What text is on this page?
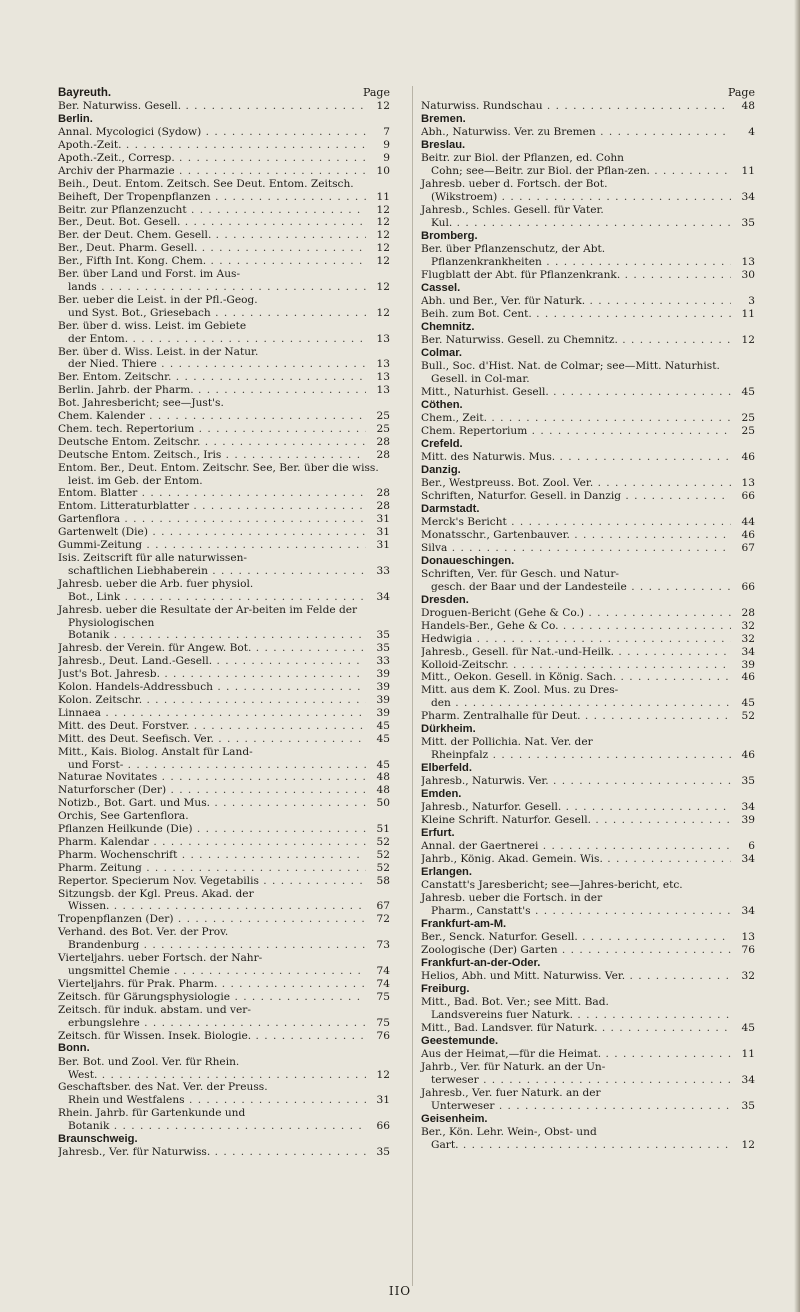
Bayreuth.	Page
Ber. Naturwiss. Gesell. . . .	12
Berlin.
Annal. Mycologici (Sydow) . . .	7
Apoth.-Zeit. . . .	9
Apoth.-Zeit., Corresp. . . .	9
Archiv der Pharmazie . . .	10
Beih., Deut. Entom. Zeitsch. See Deut. Entom. Zeitsch.
Beiheft, Der Tropenpflanzen . . .	11
Beitr. zur Pflanzenzucht . . .	12
Ber., Deut. Bot. Gesell. . . .	12
Ber. der Deut. Chem. Gesell. . . .	12
Ber., Deut. Pharm. Gesell. . . .	12
Ber., Fifth Int. Kong. Chem. . . .	12
Ber. über Land und Forst. im Aus-
lands . . .	12
Ber. ueber die Leist. in der Pfl.-Geog.
und Syst. Bot., Griesebach . . .	12
Ber. über d. wiss. Leist. im Gebiete
der Entom. . . .	13
Ber. über d. Wiss. Leist. in der Natur.
der Nied. Thiere . . .	13
Ber. Entom. Zeitschr. . . .	13
Berlin. Jahrb. der Pharm. . . .	13
Bot. Jahresbericht; see—Just's.
Chem. Kalender . . .	25
Chem. tech. Repertorium . . .	25
Deutsche Entom. Zeitschr. . . .	28
Deutsche Entom. Zeitsch., Iris . . .	28
Entom. Ber., Deut. Entom. Zeitschr. See, Ber. über die wiss. leist. im Geb. der Entom.
Entom. Blatter . . .	28
Entom. Litteraturblatter . . .	28
Gartenflora . . .	31
Gartenwelt (Die) . . .	31
Gummi-Zeitung . . .	31
Isis. Zeitscrift für alle naturwissen-
schaftlichen Liebhaberein . . .	33
Jahresb. ueber die Arb. fuer physiol.
Bot., Link . . .	34
Jahresb. ueber die Resultate der Ar-beiten im Felde der Physiologischen
Botanik . . .	35
Jahresb. der Verein. für Angew. Bot. . . .	35
Jahresb., Deut. Land.-Gesell. . . .	33
Just's Bot. Jahresb. . . .	39
Kolon. Handels-Addressbuch . . .	39
Kolon. Zeitschr. . . .	39
Linnaea . . .	39
Mitt. des Deut. Forstver. . . .	45
Mitt. des Deut. Seefisch. Ver. . . .	45
Mitt., Kais. Biolog. Anstalt für Land-
und Forst- . . .	45
Naturae Novitates . . .	48
Naturforscher (Der) . . .	48
Notizb., Bot. Gart. und Mus. . . .	50
Orchis, See Gartenflora.
Pflanzen Heilkunde (Die) . . .	51
Pharm. Kalendar . . .	52
Pharm. Wochenschrift . . .	52
Pharm. Zeitung . . .	52
Repertor. Specierum Nov. Vegetabilis . . .	58
Sitzungsb. der Kgl. Preus. Akad. der
Wissen. . . .	67
Tropenpflanzen (Der) . . .	72
Verhand. des Bot. Ver. der Prov.
Brandenburg . . .	73
Vierteljahrs. ueber Fortsch. der Nahr-
ungsmittel Chemie . . .	74
Vierteljahrs. für Prak. Pharm. . . .	74
Zeitsch. für Gärungsphysiologie . . .	75
Zeitsch. für induk. abstam. und ver-
erbungslehre . . .	75
Zeitsch. für Wissen. Insek. Biologie. . . .	76
Bonn.
Ber. Bot. und Zool. Ver. für Rhein.
West. . . .	12
Geschaftsber. des Nat. Ver. der Preuss.
Rhein und Westfalens . . .	31
Rhein. Jahrb. für Gartenkunde und
Botanik . . .	66
Braunschweig.
Jahresb., Ver. für Naturwiss. . . .	35
Page
Naturwiss. Rundschau . . .	48
Bremen.
Abh., Naturwiss. Ver. zu Bremen . . .	4
Breslau.
Beitr. zur Biol. der Pflanzen, ed. Cohn
Cohn; see—Beitr. zur Biol. der Pflan-zen. . . .	11
Jahresb. ueber d. Fortsch. der Bot.
(Wikstroem) . . .	34
Jahresb., Schles. Gesell. für Vater.
Kul. . . .	35
Bromberg.
Ber. über Pflanzenschutz, der Abt.
Pflanzenkrankheiten . . .	13
Flugblatt der Abt. für Pflanzenkrank. . . .	30
Cassel.
Abh. und Ber., Ver. für Naturk. . . .	3
Beih. zum Bot. Cent. . . .	11
Chemnitz.
Ber. Naturwiss. Gesell. zu Chemnitz. . . .	12
Colmar.
Bull., Soc. d'Hist. Nat. de Colmar; see—Mitt. Naturhist. Gesell. in Col-mar.
Mitt., Naturhist. Gesell. . . .	45
Cöthen.
Chem., Zeit. . . .	25
Chem. Repertorium . . .	25
Crefeld.
Mitt. des Naturwis. Mus. . . .	46
Danzig.
Ber., Westpreuss. Bot. Zool. Ver. . . .	13
Schriften, Naturfor. Gesell. in Danzig . . .	66
Darmstadt.
Merck's Bericht . . .	44
Monatsschr., Gartenbauver. . . .	46
Silva . . .	67
Donaueschingen.
Schriften, Ver. für Gesch. und Natur-
gesch. der Baar und der Landesteile . . .	66
Dresden.
Droguen-Bericht (Gehe & Co.) . . .	28
Handels-Ber., Gehe & Co. . . .	32
Hedwigia . . .	32
Jahresb., Gesell. für Nat.-und-Heilk. . . .	34
Kolloid-Zeitschr. . . .	39
Mitt., Oekon. Gesell. in König. Sach. . . .	46
Mitt. aus dem K. Zool. Mus. zu Dres-
den . . .	45
Pharm. Zentralhalle für Deut. . . .	52
Dürkheim.
Mitt. der Pollichia. Nat. Ver. der
Rheinpfalz . . .	46
Elberfeld.
Jahresb., Naturwis. Ver. . . .	35
Emden.
Jahresb., Naturfor. Gesell. . . .	34
Kleine Schrift. Naturfor. Gesell. . . .	39
Erfurt.
Annal. der Gaertnerei . . .	6
Jahrb., König. Akad. Gemein. Wis. . . .	34
Erlangen.
Canstatt's Jaresbericht; see—Jahres-bericht, etc.
Jahresb. ueber die Fortsch. in der
Pharm., Canstatt's . . .	34
Frankfurt-am-M.
Ber., Senck. Naturfor. Gesell. . . .	13
Zoologische (Der) Garten . . .	76
Frankfurt-an-der-Oder.
Helios, Abh. und Mitt. Naturwiss. Ver. . . .	32
Freiburg.
Mitt., Bad. Bot. Ver.; see Mitt. Bad.
Landsvereins fuer Naturk. . . .
Mitt., Bad. Landsver. für Naturk. . . .	45
Geestemunde.
Aus der Heimat,—für die Heimat. . . .	11
Jahrb., Ver. für Naturk. an der Un-
terweser . . .	34
Jahresb., Ver. fuer Naturk. an der
Unterweser . . .	35
Geisenheim.
Ber., Kön. Lehr. Wein-, Obst- und
Gart. . . .	12
IIO
